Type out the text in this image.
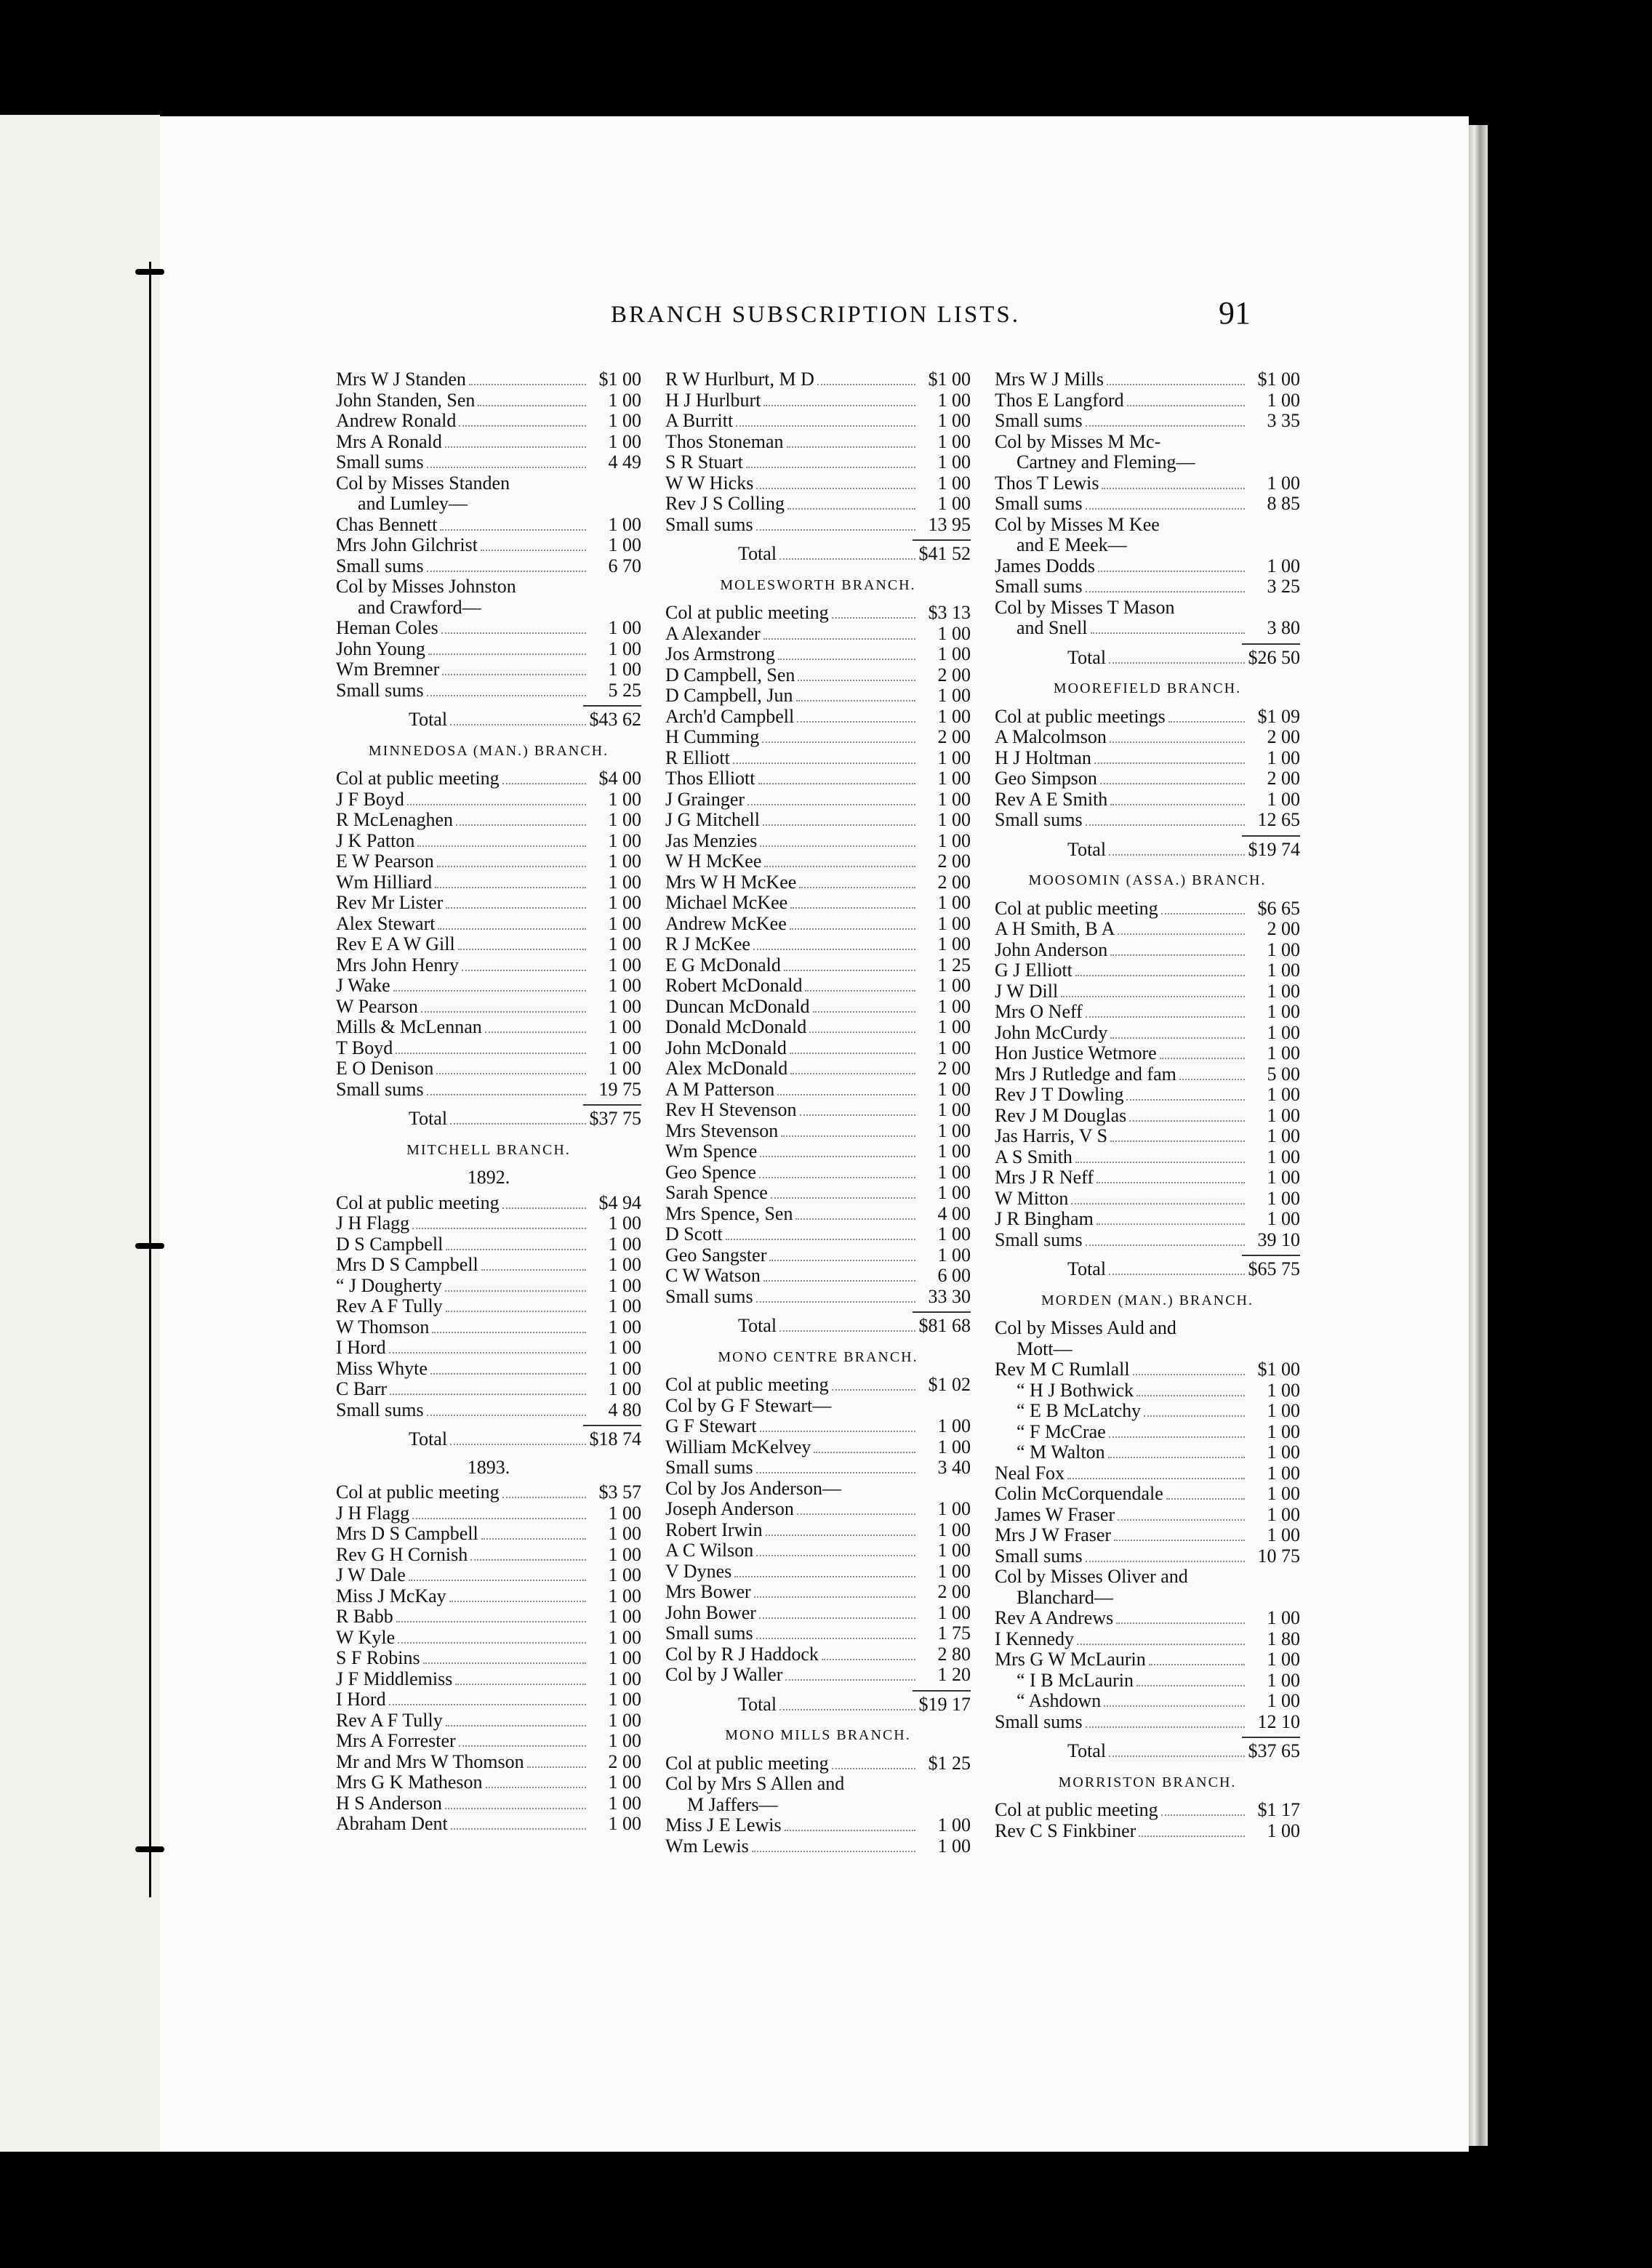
BRANCH SUBSCRIPTION LISTS.	91
Mrs W J Standen	$1 00
John Standen, Sen	1 00
Andrew Ronald	1 00
Mrs A Ronald	1 00
Small sums	4 49
Col by Misses Standen
and Lumley—
Chas Bennett	1 00
Mrs John Gilchrist	1 00
Small sums	6 70
Col by Misses Johnston
and Crawford—
Heman Coles	1 00
John Young	1 00
Wm Bremner	1 00
Small sums	5 25
Total	$43 62
MINNEDOSA (MAN.) BRANCH.
Col at public meeting	$4 00
J F Boyd	1 00
R McLenaghen	1 00
J K Patton	1 00
E W Pearson	1 00
Wm Hilliard	1 00
Rev Mr Lister	1 00
Alex Stewart	1 00
Rev E A W Gill	1 00
Mrs John Henry	1 00
J Wake	1 00
W Pearson	1 00
Mills & McLennan	1 00
T Boyd	1 00
E O Denison	1 00
Small sums	19 75
Total	$37 75
MITCHELL BRANCH.
1892.
Col at public meeting	$4 94
J H Flagg	1 00
D S Campbell	1 00
Mrs D S Campbell	1 00
“ J Dougherty	1 00
Rev A F Tully	1 00
W Thomson	1 00
I Hord	1 00
Miss Whyte	1 00
C Barr	1 00
Small sums	4 80
Total	$18 74
1893.
Col at public meeting	$3 57
J H Flagg	1 00
Mrs D S Campbell	1 00
Rev G H Cornish	1 00
J W Dale	1 00
Miss J McKay	1 00
R Babb	1 00
W Kyle	1 00
S F Robins	1 00
J F Middlemiss	1 00
I Hord	1 00
Rev A F Tully	1 00
Mrs A Forrester	1 00
Mr and Mrs W Thomson	2 00
Mrs G K Matheson	1 00
H S Anderson	1 00
Abraham Dent	1 00
R W Hurlburt, M D	$1 00
H J Hurlburt	1 00
A Burritt	1 00
Thos Stoneman	1 00
S R Stuart	1 00
W W Hicks	1 00
Rev J S Colling	1 00
Small sums	13 95
Total	$41 52
MOLESWORTH BRANCH.
Col at public meeting	$3 13
A Alexander	1 00
Jos Armstrong	1 00
D Campbell, Sen	2 00
D Campbell, Jun	1 00
Arch'd Campbell	1 00
H Cumming	2 00
R Elliott	1 00
Thos Elliott	1 00
J Grainger	1 00
J G Mitchell	1 00
Jas Menzies	1 00
W H McKee	2 00
Mrs W H McKee	2 00
Michael McKee	1 00
Andrew McKee	1 00
R J McKee	1 00
E G McDonald	1 25
Robert McDonald	1 00
Duncan McDonald	1 00
Donald McDonald	1 00
John McDonald	1 00
Alex McDonald	2 00
A M Patterson	1 00
Rev H Stevenson	1 00
Mrs Stevenson	1 00
Wm Spence	1 00
Geo Spence	1 00
Sarah Spence	1 00
Mrs Spence, Sen	4 00
D Scott	1 00
Geo Sangster	1 00
C W Watson	6 00
Small sums	33 30
Total	$81 68
MONO CENTRE BRANCH.
Col at public meeting	$1 02
Col by G F Stewart—
G F Stewart	1 00
William McKelvey	1 00
Small sums	3 40
Col by Jos Anderson—
Joseph Anderson	1 00
Robert Irwin	1 00
A C Wilson	1 00
V Dynes	1 00
Mrs Bower	2 00
John Bower	1 00
Small sums	1 75
Col by R J Haddock	2 80
Col by J Waller	1 20
Total	$19 17
MONO MILLS BRANCH.
Col at public meeting	$1 25
Col by Mrs S Allen and
M Jaffers—
Miss J E Lewis	1 00
Wm Lewis	1 00
Mrs W J Mills	$1 00
Thos E Langford	1 00
Small sums	3 35
Col by Misses M Mc-
Cartney and Fleming—
Thos T Lewis	1 00
Small sums	8 85
Col by Misses M Kee
and E Meek—
James Dodds	1 00
Small sums	3 25
Col by Misses T Mason
and Snell	3 80
Total	$26 50
MOOREFIELD BRANCH.
Col at public meetings	$1 09
A Malcolmson	2 00
H J Holtman	1 00
Geo Simpson	2 00
Rev A E Smith	1 00
Small sums	12 65
Total	$19 74
MOOSOMIN (ASSA.) BRANCH.
Col at public meeting	$6 65
A H Smith, B A	2 00
John Anderson	1 00
G J Elliott	1 00
J W Dill	1 00
Mrs O Neff	1 00
John McCurdy	1 00
Hon Justice Wetmore	1 00
Mrs J Rutledge and fam	5 00
Rev J T Dowling	1 00
Rev J M Douglas	1 00
Jas Harris, V S	1 00
A S Smith	1 00
Mrs J R Neff	1 00
W Mitton	1 00
J R Bingham	1 00
Small sums	39 10
Total	$65 75
MORDEN (MAN.) BRANCH.
Col by Misses Auld and
Mott—
Rev M C Rumlall	$1 00
“ H J Bothwick	1 00
“ E B McLatchy	1 00
“ F McCrae	1 00
“ M Walton	1 00
Neal Fox	1 00
Colin McCorquendale	1 00
James W Fraser	1 00
Mrs J W Fraser	1 00
Small sums	10 75
Col by Misses Oliver and
Blanchard—
Rev A Andrews	1 00
I Kennedy	1 80
Mrs G W McLaurin	1 00
“ I B McLaurin	1 00
“ Ashdown	1 00
Small sums	12 10
Total	$37 65
MORRISTON BRANCH.
Col at public meeting	$1 17
Rev C S Finkbiner	1 00
